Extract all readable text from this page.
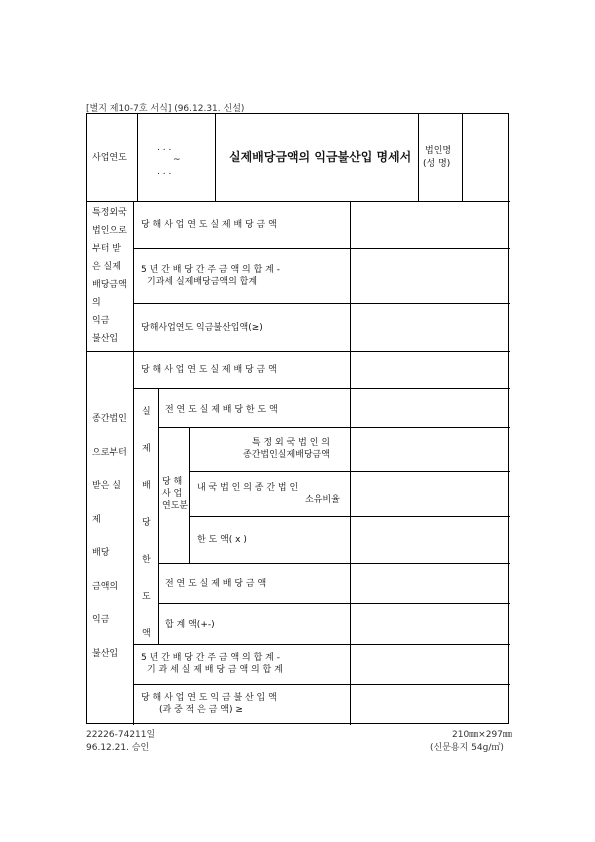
[별지 제10-7호 서식] (96.12.31. 신설)
사업연도
. . .
~
. . .
실제배당금액의 익금불산입 명세서 법인명
(성 명)
특정외국
법인으로
부터 받
은 실제
배당금액
의
익금
불산입
당 해 사 업 연 도 실 제 배 당 금 액
5 년 간 배 당 간 주 금 액 의 합 계 -
기과세 실제배당금액의 합계
당해사업연도 익금불산입액(≥)
종간법인
으로부터
받은 실
제
배당
금액의
익금
불산입
당 해 사 업 연 도 실 제 배 당 금 액
실
제
배
당
한
도
액
전 연 도 실 제 배 당 한 도 액
당 해
사 업
연도분
특 정 외 국 법 인 의
종간법인실제배당금액
내 국 법 인 의 종 간 법 인
소유비율
한 도 액( x )
전 연 도 실 제 배 당 금 액
합 계 액(+-)
5 년 간 배 당 간 주 금 액 의 합 계 -
기 과 세 실 제 배 당 금 액 의 합 계
당 해 사 업 연 도 익 금 불 산 입 액
(과 중 적 은 금 액) ≥
22226-74211일
96.12.21. 승인
210㎜×297㎜
(신문용지 54g/㎡)
